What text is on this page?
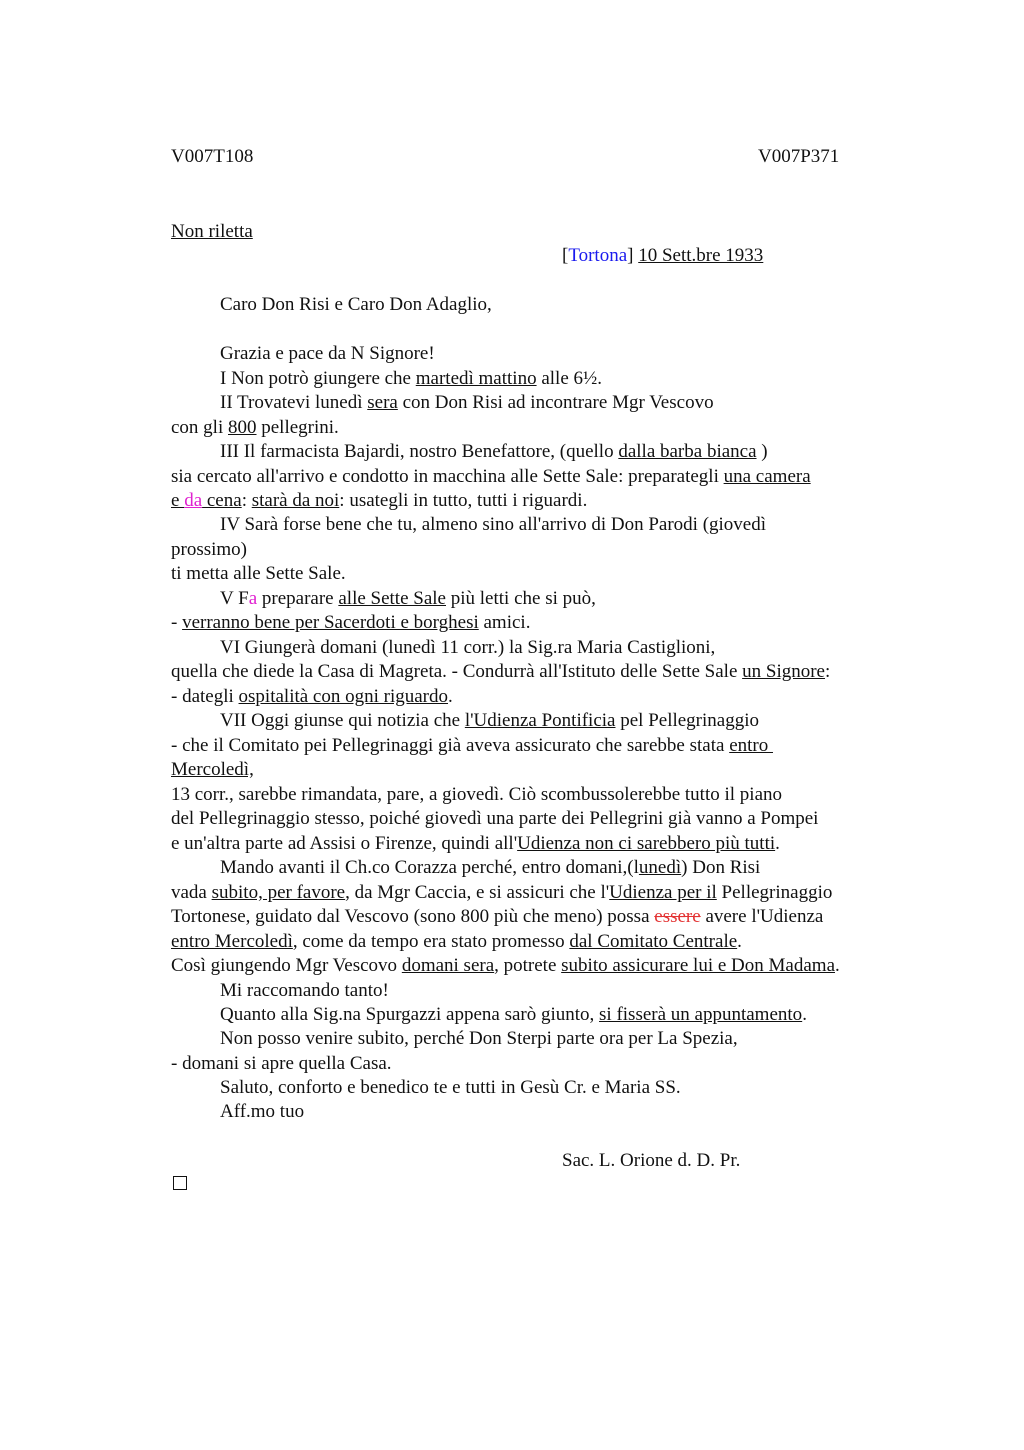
V007T108	V007P371
Non riletta
[Tortona] 10 Sett.bre 1933
Caro Don Risi e Caro Don Adaglio,
Grazia e pace da N Signore!
I Non potrò giungere che martedì mattino alle 6½.
II Trovatevi lunedì sera con Don Risi ad incontrare Mgr Vescovo
con gli 800 pellegrini.
III Il farmacista Bajardi, nostro Benefattore, (quello dalla barba bianca )
sia cercato all'arrivo e condotto in macchina alle Sette Sale: preparategli una camera
e da cena: starà da noi: usategli in tutto, tutti i riguardi.
IV Sarà forse bene che tu, almeno sino all'arrivo di Don Parodi (giovedì
prossimo)
ti metta alle Sette Sale.
V Fa preparare alle Sette Sale più letti che si può,
- verranno bene per Sacerdoti e borghesi amici.
VI Giungerà domani (lunedì 11 corr.) la Sig.ra Maria Castiglioni,
quella che diede la Casa di Magreta. - Condurrà all'Istituto delle Sette Sale un Signore:
- dategli ospitalità con ogni riguardo.
VII Oggi giunse qui notizia che l'Udienza Pontificia pel Pellegrinaggio
- che il Comitato pei Pellegrinaggi già aveva assicurato che sarebbe stata entro
Mercoledì,
13 corr., sarebbe rimandata, pare, a giovedì. Ciò scombussolerebbe tutto il piano
del Pellegrinaggio stesso, poiché giovedì una parte dei Pellegrini già vanno a Pompei
e un'altra parte ad Assisi o Firenze, quindi all'Udienza non ci sarebbero più tutti.
Mando avanti il Ch.co Corazza perché, entro domani,(lunedì) Don Risi
vada subito, per favore, da Mgr Caccia, e si assicuri che l'Udienza per il Pellegrinaggio
Tortonese, guidato dal Vescovo (sono 800 più che meno) possa essere avere l'Udienza
entro Mercoledì, come da tempo era stato promesso dal Comitato Centrale.
Così giungendo Mgr Vescovo domani sera, potrete subito assicurare lui e Don Madama.
Mi raccomando tanto!
Quanto alla Sig.na Spurgazzi appena sarò giunto, si fisserà un appuntamento.
Non posso venire subito, perché Don Sterpi parte ora per La Spezia,
- domani si apre quella Casa.
Saluto, conforto e benedico te e tutti in Gesù Cr. e Maria SS.
Aff.mo tuo
Sac. L. Orione d. D. Pr.
